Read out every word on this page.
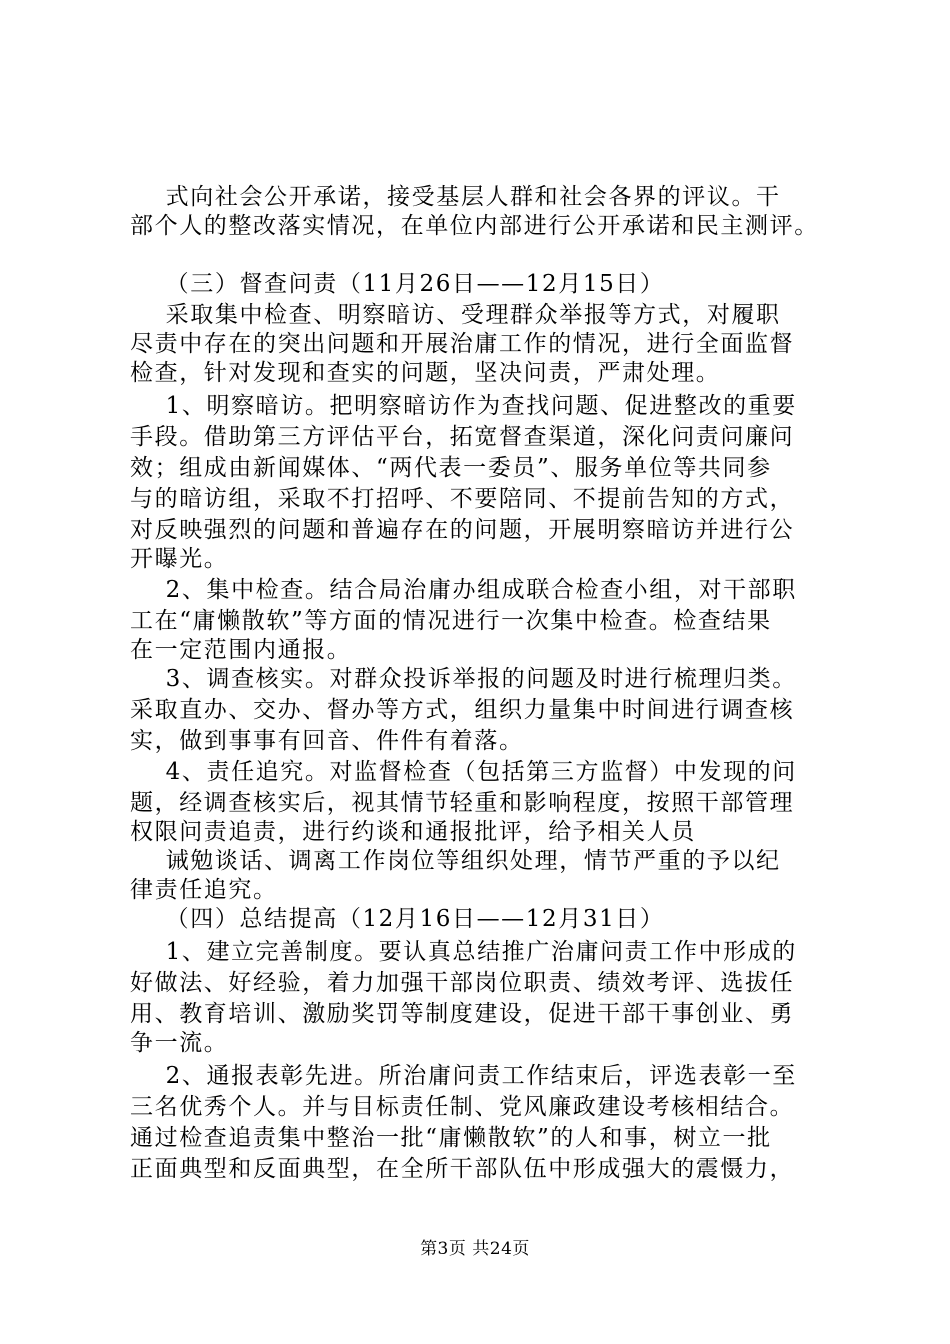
式向社会公开承诺，接受基层人群和社会各界的评议。干
部个人的整改落实情况，在单位内部进行公开承诺和民主测评。
（三）督查问责（11月26日——12月15日）
采取集中检查、明察暗访、受理群众举报等方式，对履职
尽责中存在的突出问题和开展治庸工作的情况，进行全面监督
检查，针对发现和查实的问题，坚决问责，严肃处理。
1、明察暗访。把明察暗访作为查找问题、促进整改的重要
手段。借助第三方评估平台，拓宽督查渠道，深化问责问廉问
效；组成由新闻媒体、“两代表一委员”、服务单位等共同参
与的暗访组，采取不打招呼、不要陪同、不提前告知的方式，
对反映强烈的问题和普遍存在的问题，开展明察暗访并进行公
开曝光。
2、集中检查。结合局治庸办组成联合检查小组，对干部职
工在“庸懒散软”等方面的情况进行一次集中检查。检查结果
在一定范围内通报。
3、调查核实。对群众投诉举报的问题及时进行梳理归类。
采取直办、交办、督办等方式，组织力量集中时间进行调查核
实，做到事事有回音、件件有着落。
4、责任追究。对监督检查（包括第三方监督）中发现的问
题，经调查核实后，视其情节轻重和影响程度，按照干部管理
权限问责追责，进行约谈和通报批评，给予相关人员
诫勉谈话、调离工作岗位等组织处理，情节严重的予以纪
律责任追究。
（四）总结提高（12月16日——12月31日）
1、建立完善制度。要认真总结推广治庸问责工作中形成的
好做法、好经验，着力加强干部岗位职责、绩效考评、选拔任
用、教育培训、激励奖罚等制度建设，促进干部干事创业、勇
争一流。
2、通报表彰先进。所治庸问责工作结束后，评选表彰一至
三名优秀个人。并与目标责任制、党风廉政建设考核相结合。
通过检查追责集中整治一批“庸懒散软”的人和事，树立一批
正面典型和反面典型，在全所干部队伍中形成强大的震慑力，
第3页 共24页
